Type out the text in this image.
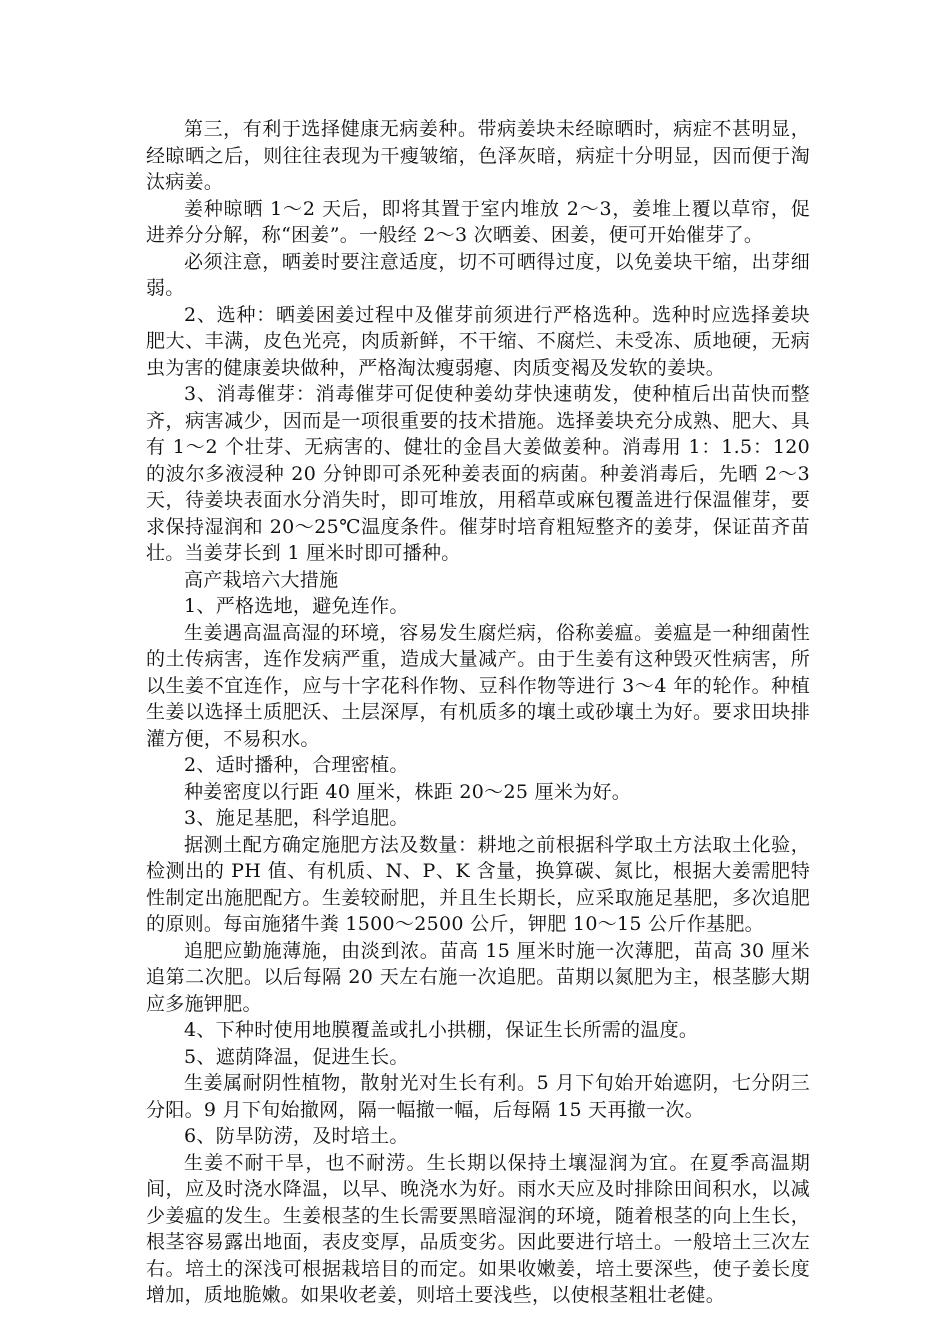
第三，有利于选择健康无病姜种。带病姜块未经晾晒时，病症不甚明显，经晾晒之后，则往往表现为干瘦皱缩，色泽灰暗，病症十分明显，因而便于淘汰病姜。

姜种晾晒 1～2 天后，即将其置于室内堆放 2～3，姜堆上覆以草帘，促进养分分解，称“困姜”。一般经 2～3 次晒姜、困姜，便可开始催芽了。

必须注意，晒姜时要注意适度，切不可晒得过度，以免姜块干缩，出芽细弱。

2、选种：晒姜困姜过程中及催芽前须进行严格选种。选种时应选择姜块肥大、丰满，皮色光亮，肉质新鲜，不干缩、不腐烂、未受冻、质地硬，无病虫为害的健康姜块做种，严格淘汰瘦弱瘪、肉质变褐及发软的姜块。

3、消毒催芽：消毒催芽可促使种姜幼芽快速萌发，使种植后出苗快而整齐，病害减少，因而是一项很重要的技术措施。选择姜块充分成熟、肥大、具有 1～2 个壮芽、无病害的、健壮的金昌大姜做姜种。消毒用 1：1.5：120 的波尔多液浸种 20 分钟即可杀死种姜表面的病菌。种姜消毒后，先晒 2～3 天，待姜块表面水分消失时，即可堆放，用稻草或麻包覆盖进行保温催芽，要求保持湿润和 20～25℃温度条件。催芽时培育粗短整齐的姜芽，保证苗齐苗壮。当姜芽长到 1 厘米时即可播种。

高产栽培六大措施

1、严格选地，避免连作。

生姜遇高温高湿的环境，容易发生腐烂病，俗称姜瘟。姜瘟是一种细菌性的土传病害，连作发病严重，造成大量减产。由于生姜有这种毁灭性病害，所以生姜不宜连作，应与十字花科作物、豆科作物等进行 3～4 年的轮作。种植生姜以选择土质肥沃、土层深厚，有机质多的壤土或砂壤土为好。要求田块排灌方便，不易积水。

2、适时播种，合理密植。

种姜密度以行距 40 厘米，株距 20～25 厘米为好。

3、施足基肥，科学追肥。

据测土配方确定施肥方法及数量：耕地之前根据科学取土方法取土化验，检测出的 PH 值、有机质、N、P、K 含量，换算碳、氮比，根据大姜需肥特性制定出施肥配方。生姜较耐肥，并且生长期长，应采取施足基肥，多次追肥的原则。每亩施猪牛粪 1500～2500 公斤，钾肥 10～15 公斤作基肥。

追肥应勤施薄施，由淡到浓。苗高 15 厘米时施一次薄肥，苗高 30 厘米追第二次肥。以后每隔 20 天左右施一次追肥。苗期以氮肥为主，根茎膨大期应多施钾肥。

4、下种时使用地膜覆盖或扎小拱棚，保证生长所需的温度。

5、遮荫降温，促进生长。

生姜属耐阴性植物，散射光对生长有利。5 月下旬始开始遮阴，七分阴三分阳。9 月下旬始撤网，隔一幅撤一幅，后每隔 15 天再撤一次。

6、防旱防涝，及时培土。

生姜不耐干旱，也不耐涝。生长期以保持土壤湿润为宜。在夏季高温期间，应及时浇水降温，以早、晚浇水为好。雨水天应及时排除田间积水，以减少姜瘟的发生。生姜根茎的生长需要黑暗湿润的环境，随着根茎的向上生长，根茎容易露出地面，表皮变厚，品质变劣。因此要进行培土。一般培土三次左右。培土的深浅可根据栽培目的而定。如果收嫩姜，培土要深些，使子姜长度增加，质地脆嫩。如果收老姜，则培土要浅些，以使根茎粗壮老健。
